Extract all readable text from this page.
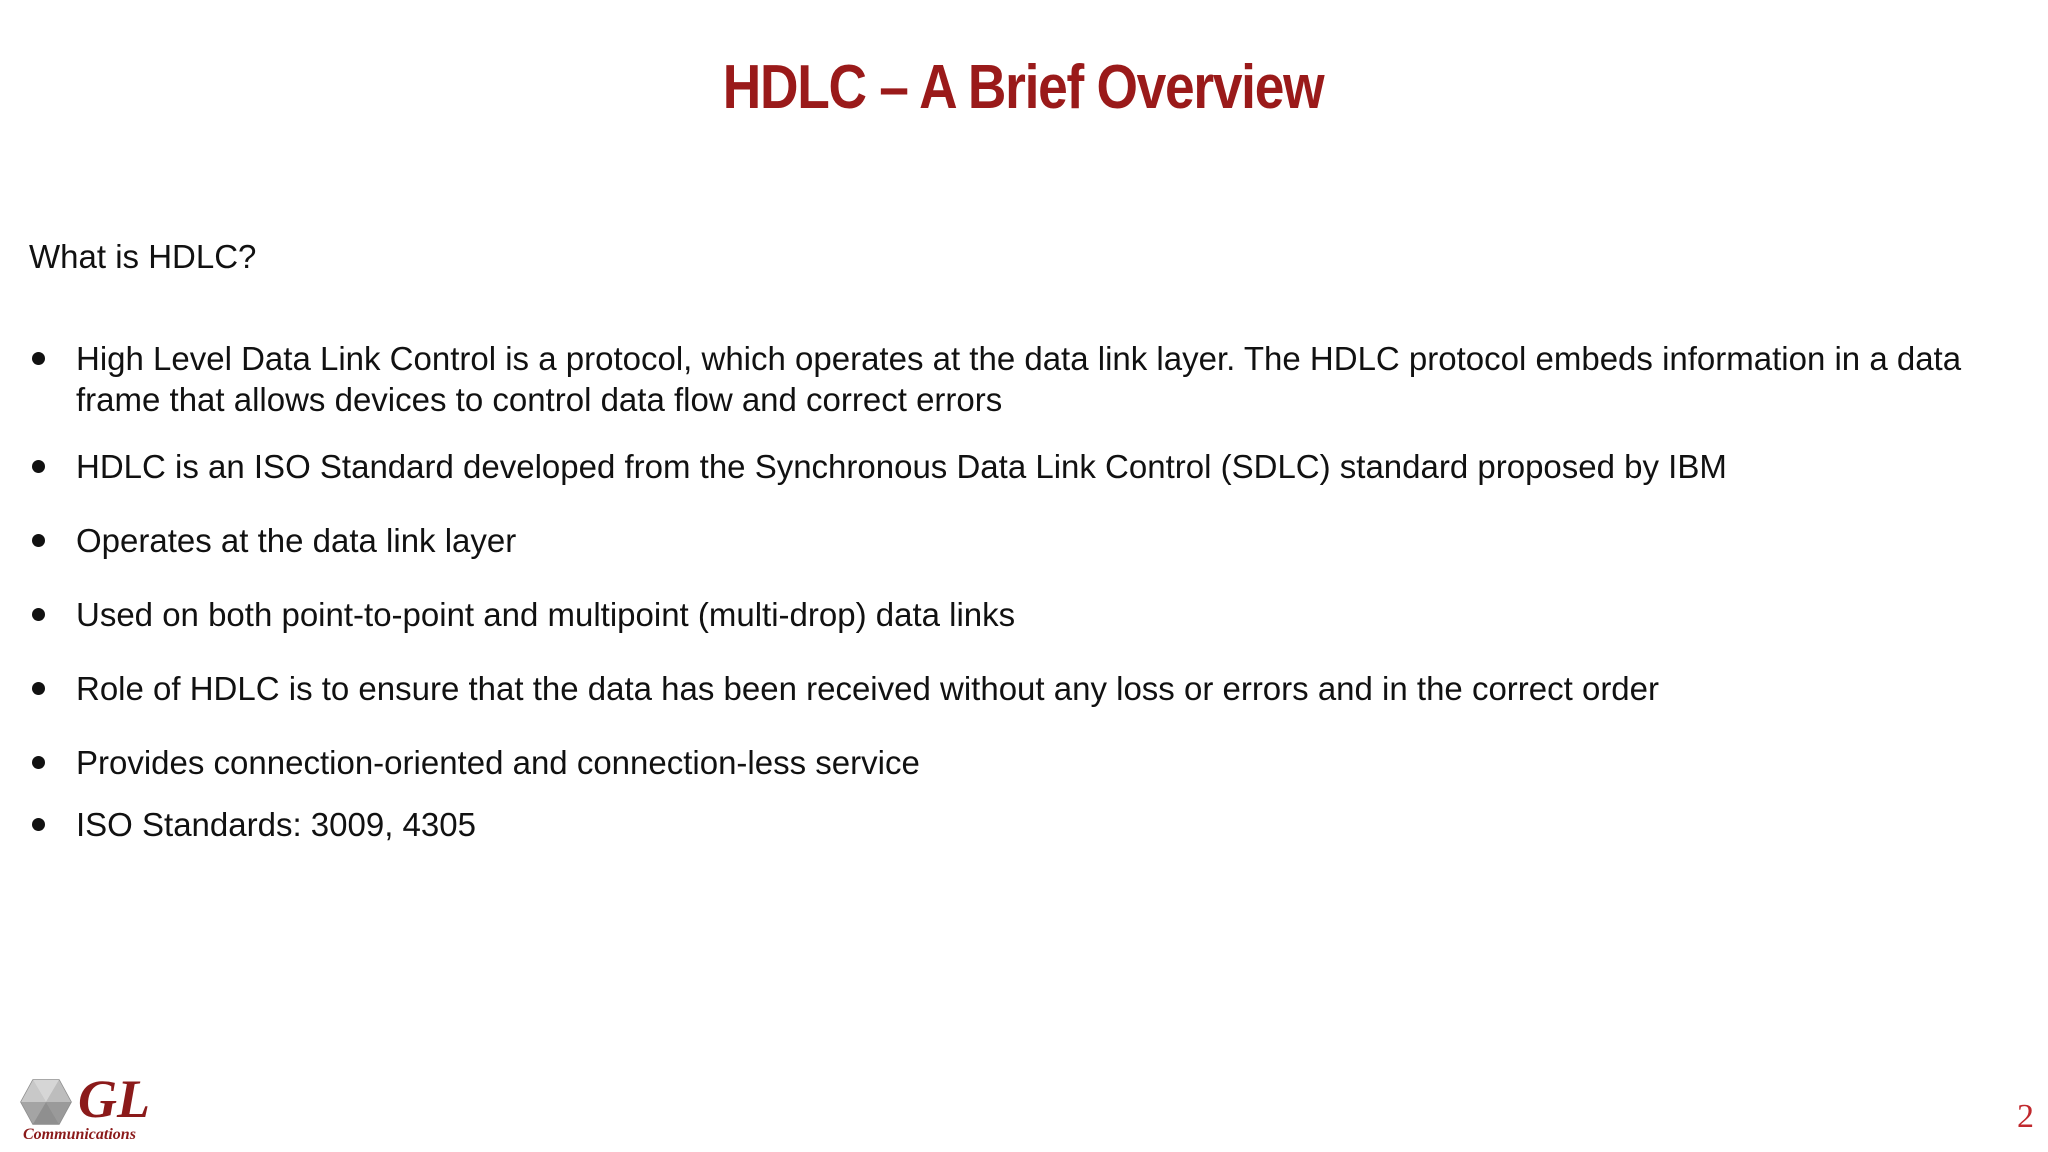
HDLC – A Brief Overview
What is HDLC?
High Level Data Link Control is a protocol, which operates at the data link layer. The HDLC protocol embeds information in a data frame that allows devices to control data flow and correct errors
HDLC is an ISO Standard developed from the Synchronous Data Link Control (SDLC) standard proposed by IBM
Operates at the data link layer
Used on both point-to-point and multipoint (multi-drop) data links
Role of HDLC is to ensure that the data has been received without any loss or errors and in the correct order
Provides connection-oriented and connection-less service
ISO Standards: 3009, 4305
GL
Communications	2
